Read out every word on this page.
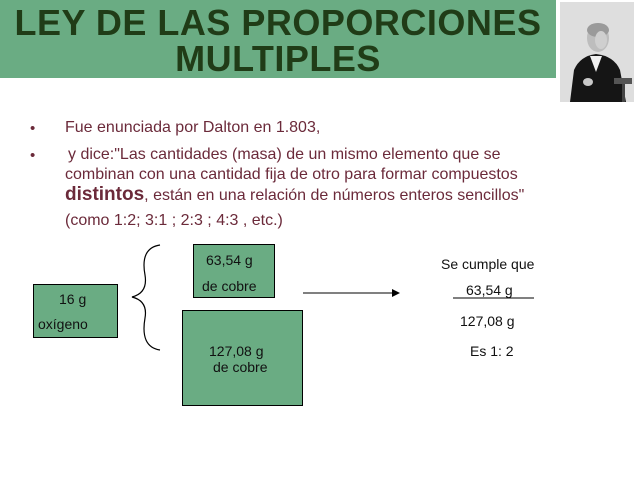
LEY DE LAS PROPORCIONES
MULTIPLES
• Fue enunciada por Dalton en 1.803,
• y dice:"Las cantidades (masa) de un mismo elemento que se
combinan con una cantidad fija de otro para formar compuestos
distintos, están en una relación de números enteros sencillos"
(como 1:2; 3:1 ; 2:3 ; 4:3 , etc.)
16 g
oxígeno
63,54 g
de cobre
127,08 g
de cobre
Se cumple que
63,54 g
127,08 g
Es 1: 2
